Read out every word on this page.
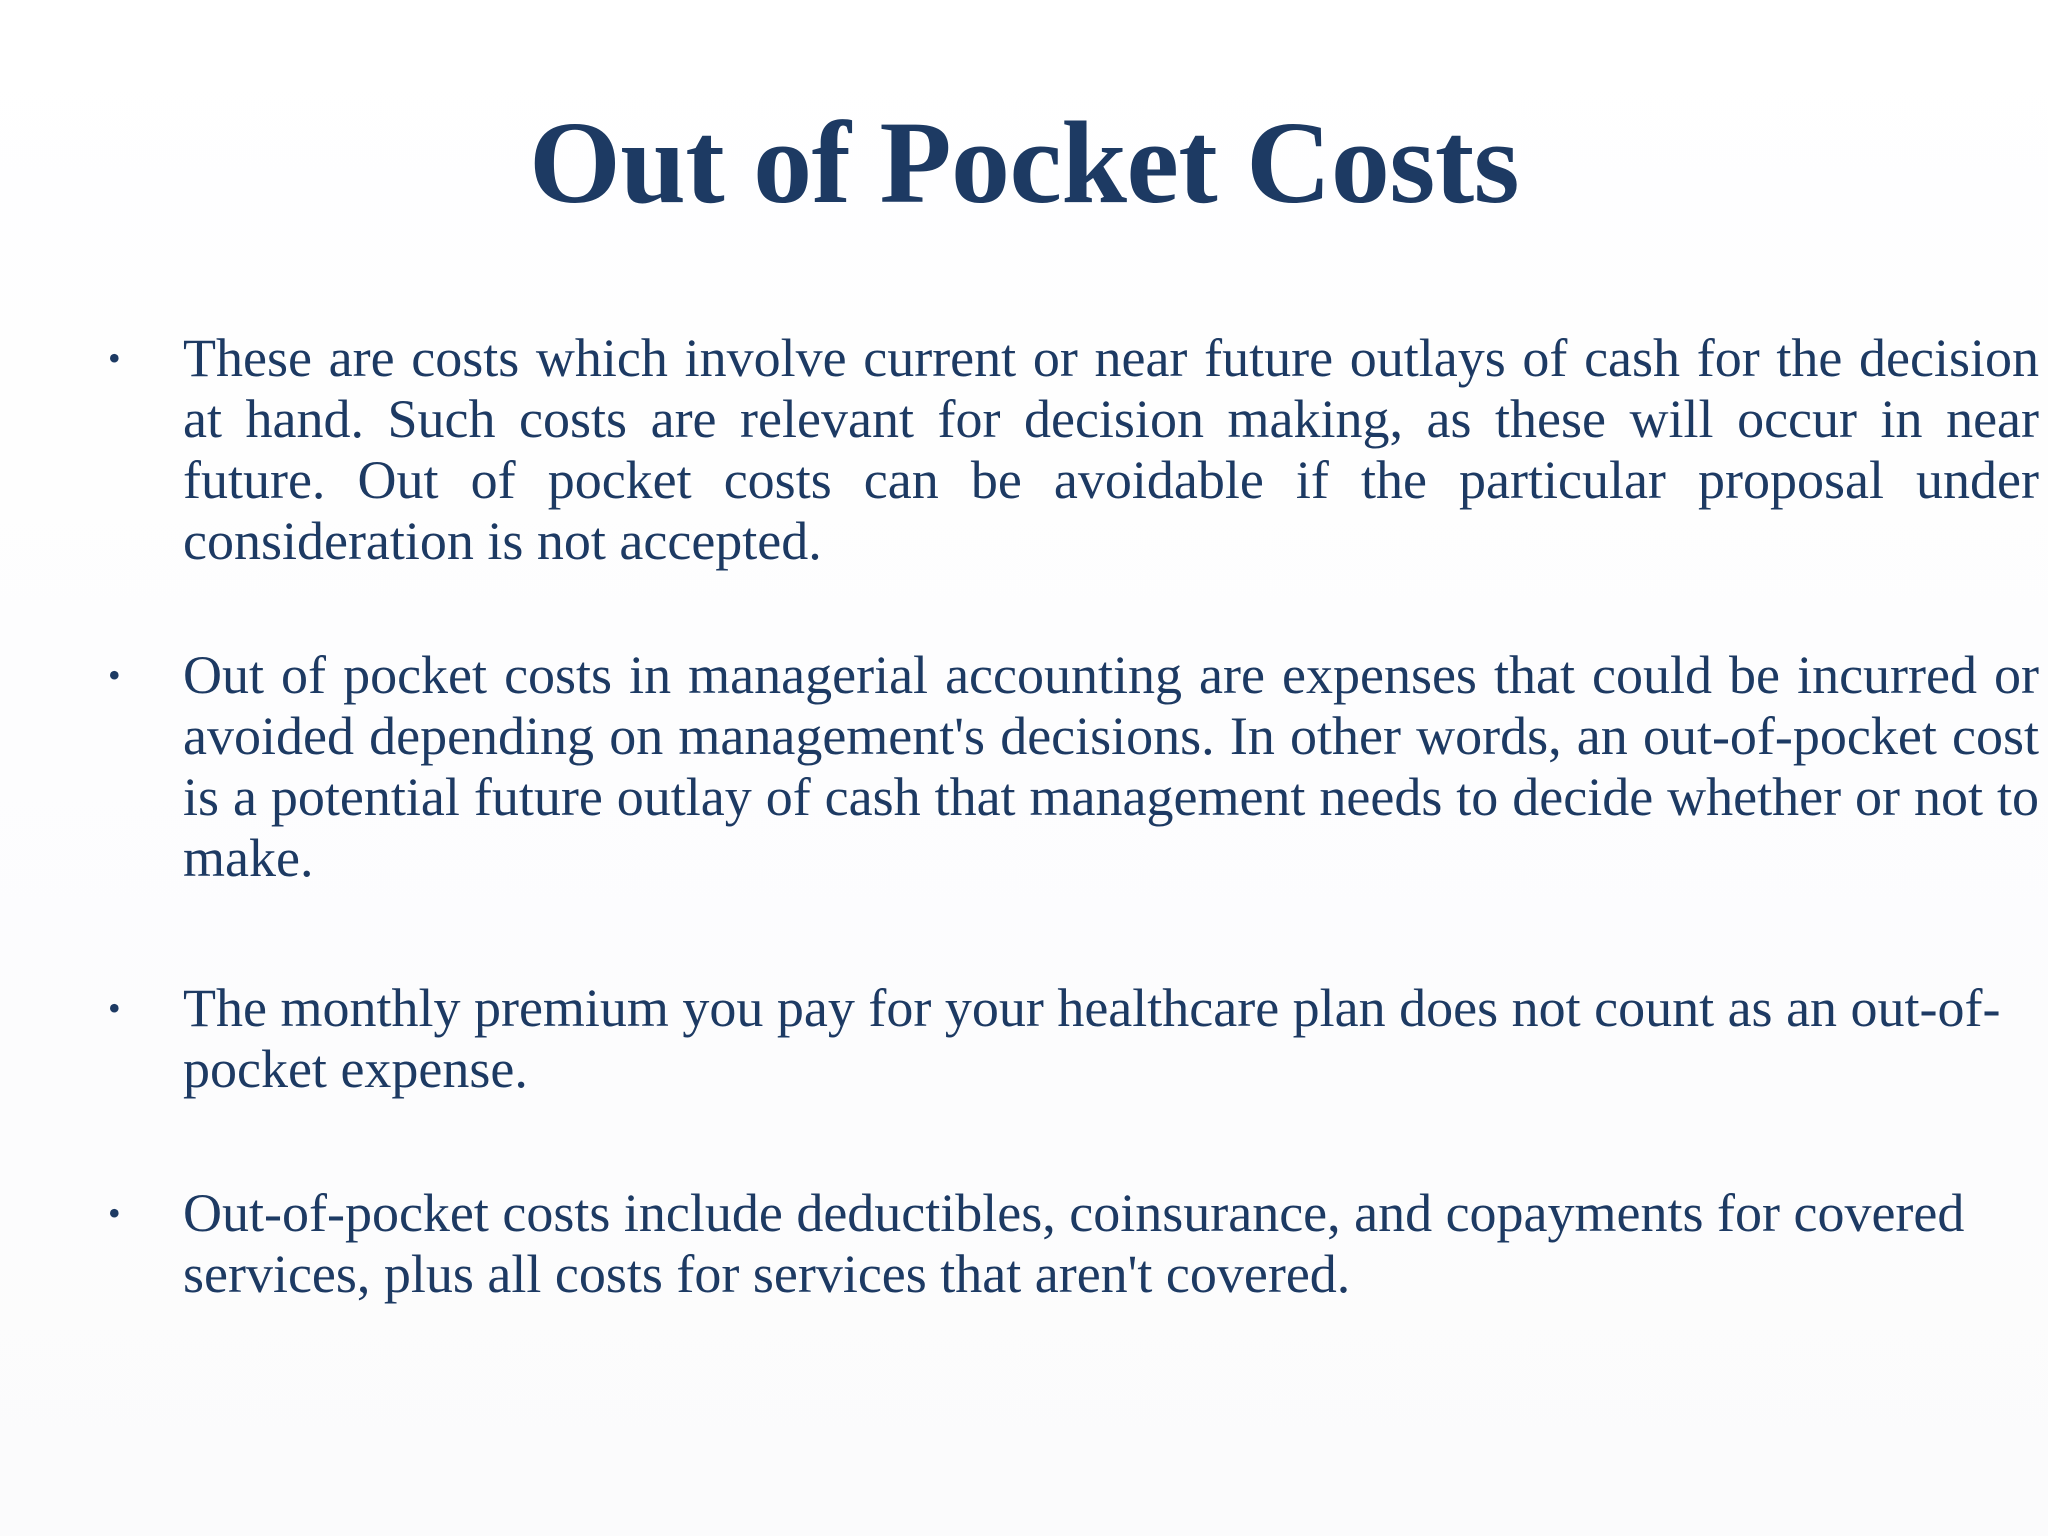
Out of Pocket Costs
• These are costs which involve current or near future outlays of cash for the decision at hand. Such costs are relevant for decision making, as these will occur in near future. Out of pocket costs can be avoidable if the particular proposal under consideration is not accepted.
• Out of pocket costs in managerial accounting are expenses that could be incurred or avoided depending on management's decisions. In other words, an out-of-pocket cost is a potential future outlay of cash that management needs to decide whether or not to make.
• The monthly premium you pay for your healthcare plan does not count as an out-of-pocket expense.
• Out-of-pocket costs include deductibles, coinsurance, and copayments for covered services, plus all costs for services that aren't covered.
